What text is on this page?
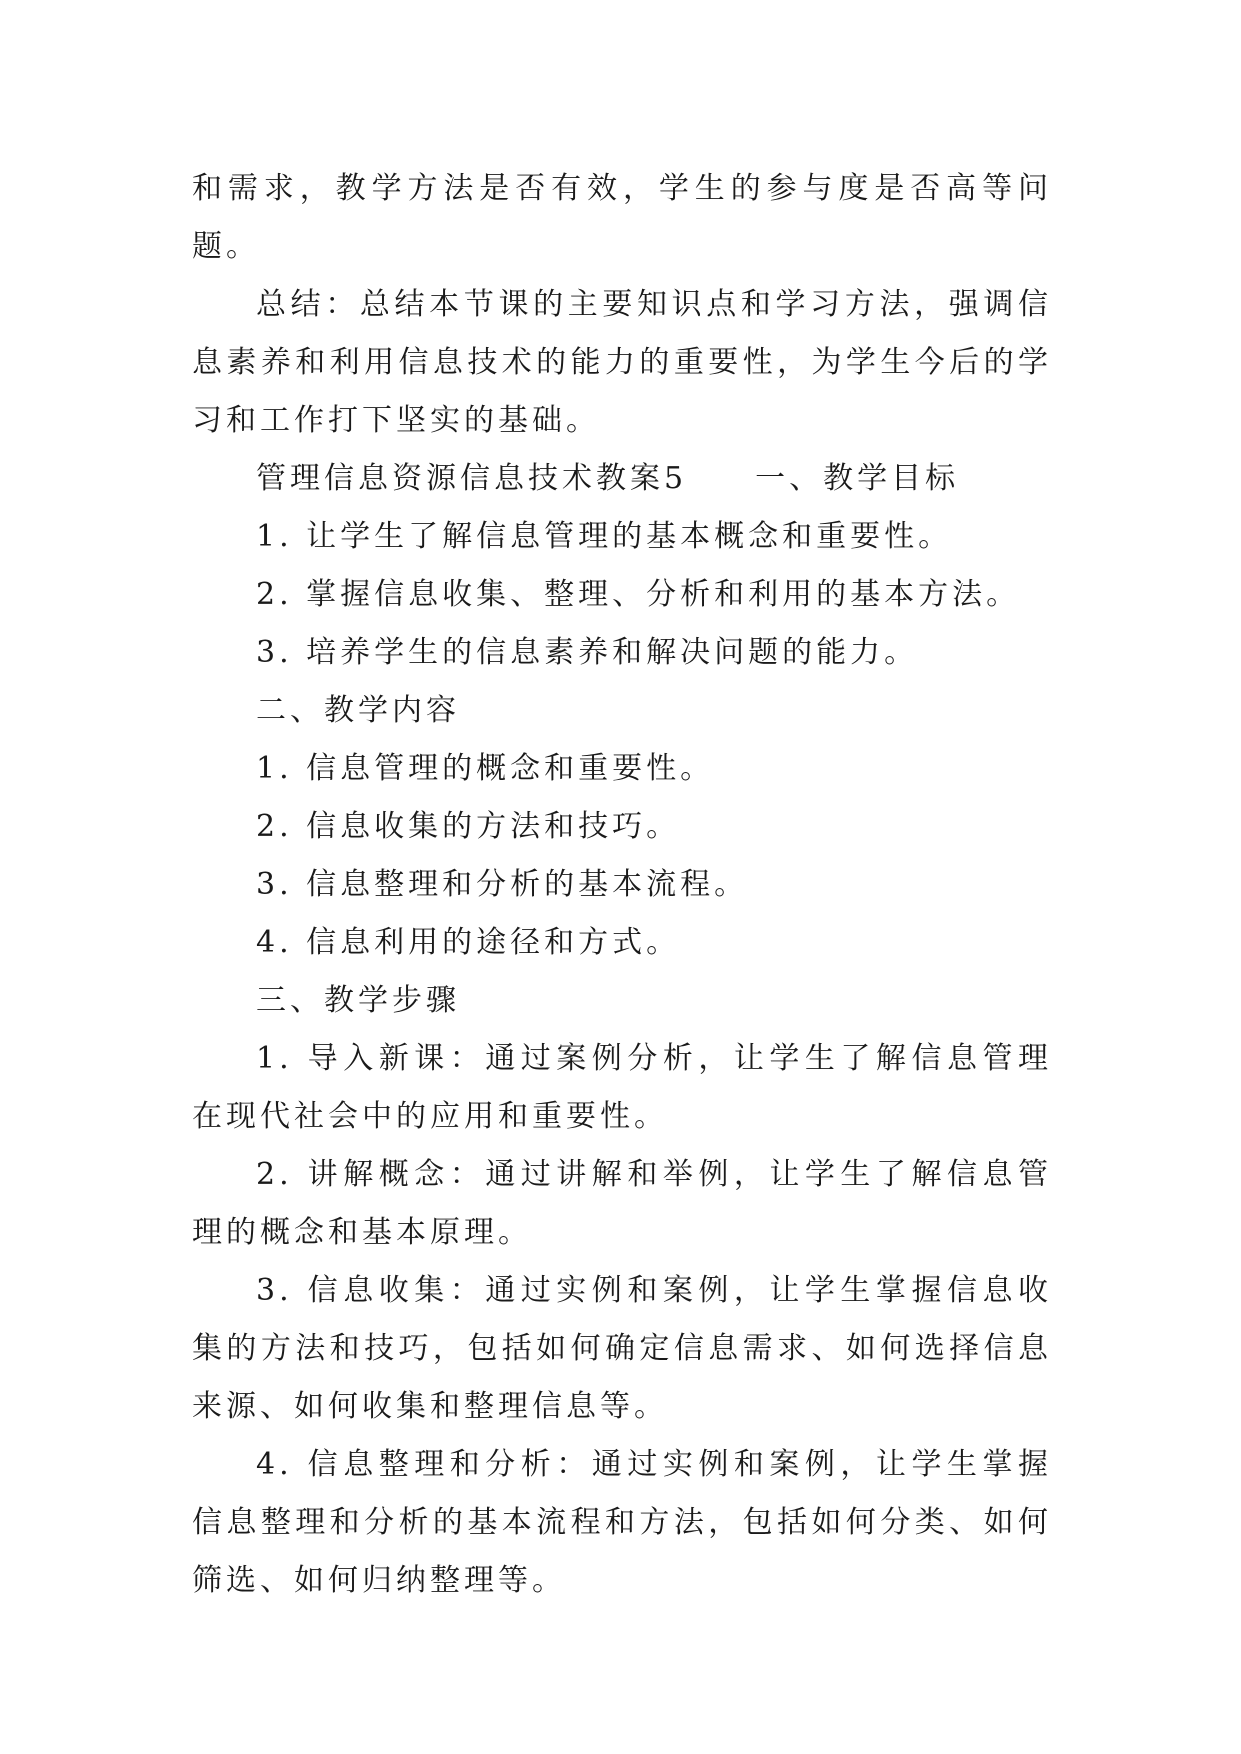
和需求，教学方法是否有效，学生的参与度是否高等问题。

总结：总结本节课的主要知识点和学习方法，强调信息素养和利用信息技术的能力的重要性，为学生今后的学习和工作打下坚实的基础。

管理信息资源信息技术教案5　　一、教学目标

1. 让学生了解信息管理的基本概念和重要性。

2. 掌握信息收集、整理、分析和利用的基本方法。

3. 培养学生的信息素养和解决问题的能力。

二、教学内容

1. 信息管理的概念和重要性。

2. 信息收集的方法和技巧。

3. 信息整理和分析的基本流程。

4. 信息利用的途径和方式。

三、教学步骤

1. 导入新课：通过案例分析，让学生了解信息管理在现代社会中的应用和重要性。

2. 讲解概念：通过讲解和举例，让学生了解信息管理的概念和基本原理。

3. 信息收集：通过实例和案例，让学生掌握信息收集的方法和技巧，包括如何确定信息需求、如何选择信息来源、如何收集和整理信息等。

4. 信息整理和分析：通过实例和案例，让学生掌握信息整理和分析的基本流程和方法，包括如何分类、如何筛选、如何归纳整理等。
